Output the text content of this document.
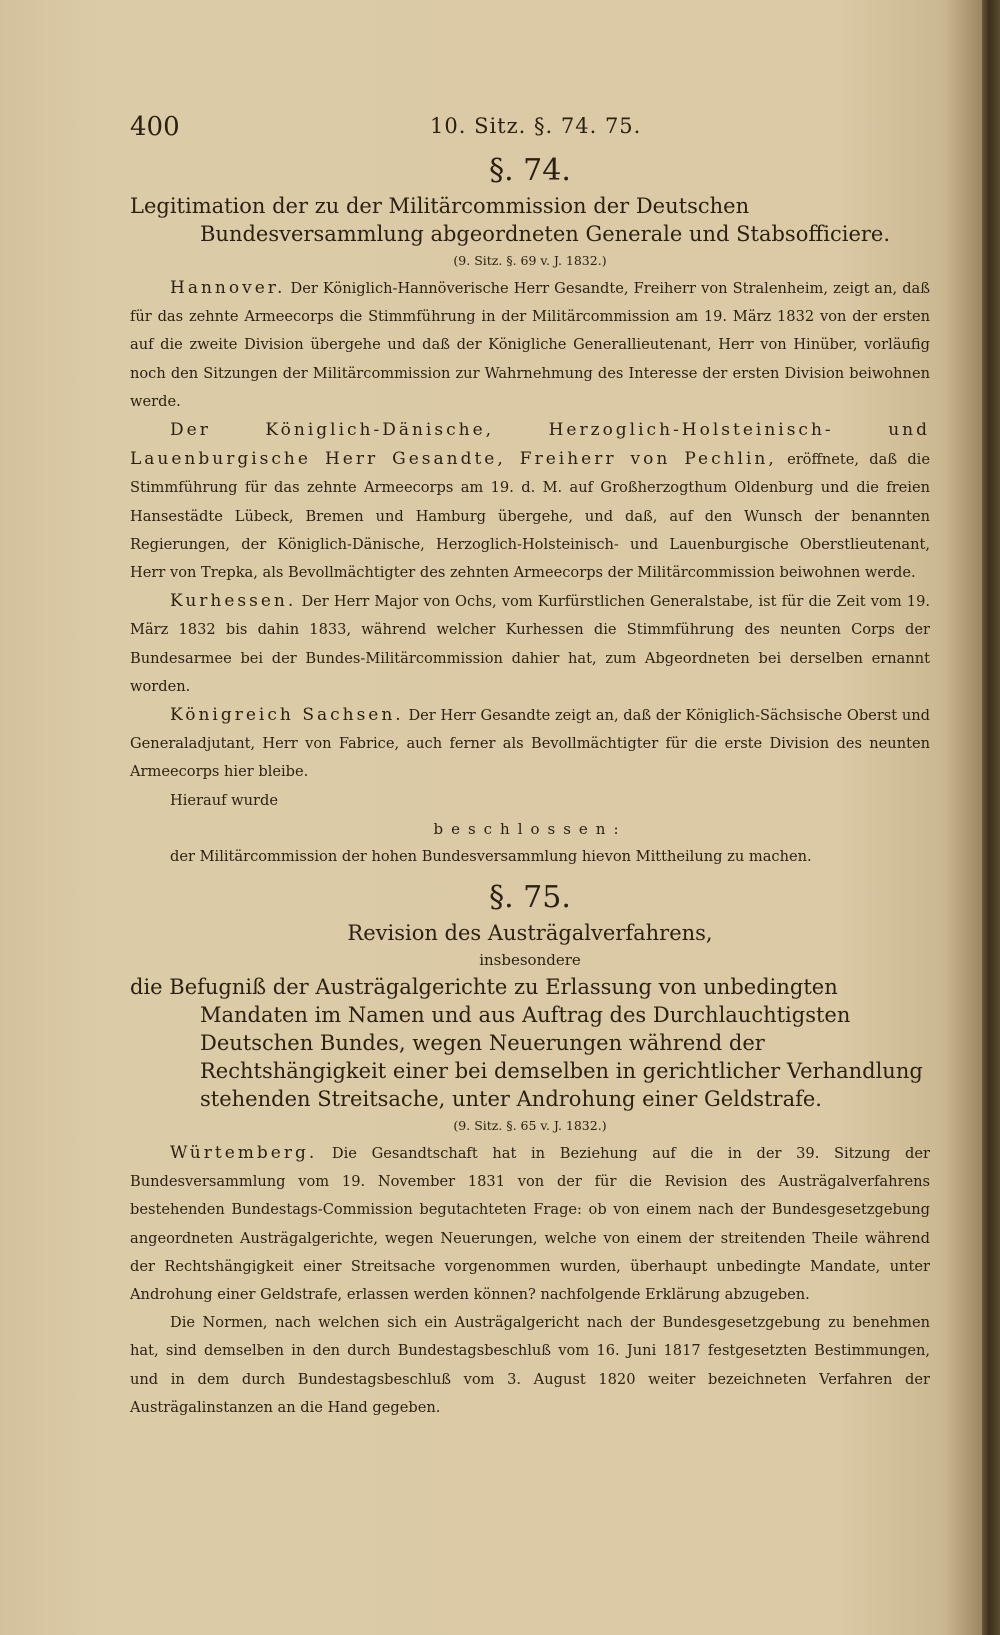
400	10. Sitz. §. 74. 75.
§. 74.
Legitimation der zu der Militärcommission der Deutschen Bundesversammlung abgeordneten Generale und Stabsofficiere.
(9. Sitz. §. 69 v. J. 1832.)

Hannover. Der Königlich-Hannöverische Herr Gesandte, Freiherr von Stralenheim, zeigt an, daß für das zehnte Armeecorps die Stimmführung in der Militärcommission am 19. März 1832 von der ersten auf die zweite Division übergehe und daß der Königliche Generallieutenant, Herr von Hinüber, vorläufig noch den Sitzungen der Militärcommission zur Wahrnehmung des Interesse der ersten Division beiwohnen werde.

Der Königlich-Dänische, Herzoglich-Holsteinisch- und Lauenburgische Herr Gesandte, Freiherr von Pechlin, eröffnete, daß die Stimmführung für das zehnte Armeecorps am 19. d. M. auf Großherzogthum Oldenburg und die freien Hansestädte Lübeck, Bremen und Hamburg übergehe, und daß, auf den Wunsch der benannten Regierungen, der Königlich-Dänische, Herzoglich-Holsteinisch- und Lauenburgische Oberstlieutenant, Herr von Trepka, als Bevollmächtigter des zehnten Armeecorps der Militärcommission beiwohnen werde.

Kurhessen. Der Herr Major von Ochs, vom Kurfürstlichen Generalstabe, ist für die Zeit vom 19. März 1832 bis dahin 1833, während welcher Kurhessen die Stimmführung des neunten Corps der Bundesarmee bei der Bundes-Militärcommission dahier hat, zum Abgeordneten bei derselben ernannt worden.

Königreich Sachsen. Der Herr Gesandte zeigt an, daß der Königlich-Sächsische Oberst und Generaladjutant, Herr von Fabrice, auch ferner als Bevollmächtigter für die erste Division des neunten Armeecorps hier bleibe.

Hierauf wurde

beschlossen:

der Militärcommission der hohen Bundesversammlung hievon Mittheilung zu machen.

§. 75.
Revision des Austrägalverfahrens,
insbesondere
die Befugniß der Austrägalgerichte zu Erlassung von unbedingten Mandaten im Namen und aus Auftrag des Durchlauchtigsten Deutschen Bundes, wegen Neuerungen während der Rechtshängigkeit einer bei demselben in gerichtlicher Verhandlung stehenden Streitsache, unter Androhung einer Geldstrafe.
(9. Sitz. §. 65 v. J. 1832.)

Würtemberg. Die Gesandtschaft hat in Beziehung auf die in der 39. Sitzung der Bundesversammlung vom 19. November 1831 von der für die Revision des Austrägalverfahrens bestehenden Bundestags-Commission begutachteten Frage: ob von einem nach der Bundesgesetzgebung angeordneten Austrägalgerichte, wegen Neuerungen, welche von einem der streitenden Theile während der Rechtshängigkeit einer Streitsache vorgenommen wurden, überhaupt unbedingte Mandate, unter Androhung einer Geldstrafe, erlassen werden können? nachfolgende Erklärung abzugeben.

Die Normen, nach welchen sich ein Austrägalgericht nach der Bundesgesetzgebung zu benehmen hat, sind demselben in den durch Bundestagsbeschluß vom 16. Juni 1817 festgesetzten Bestimmungen, und in dem durch Bundestagsbeschluß vom 3. August 1820 weiter bezeichneten Verfahren der Austrägalinstanzen an die Hand gegeben.
